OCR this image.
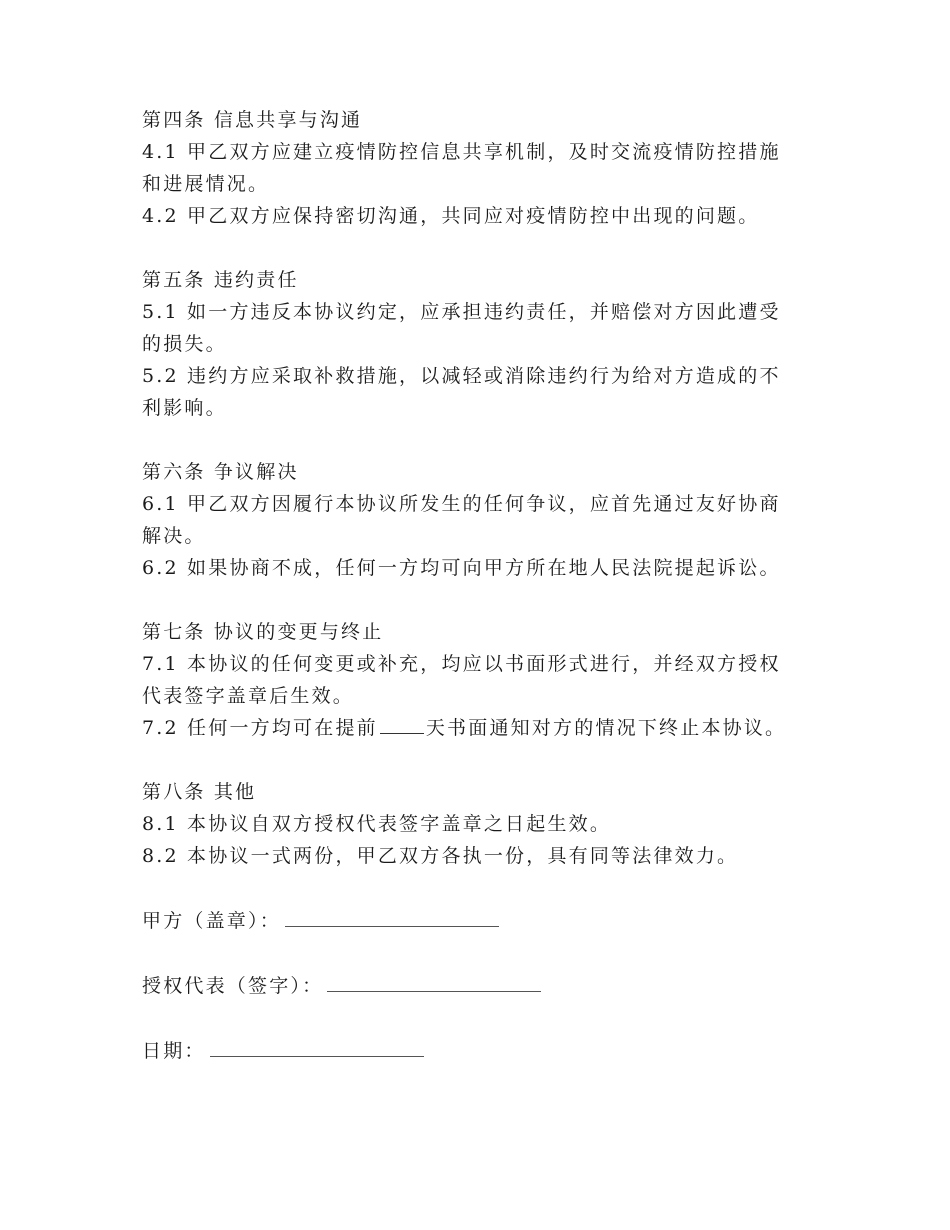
第四条 信息共享与沟通
4.1 甲乙双方应建立疫情防控信息共享机制，及时交流疫情防控措施
和进展情况。
4.2 甲乙双方应保持密切沟通，共同应对疫情防控中出现的问题。
第五条 违约责任
5.1 如一方违反本协议约定，应承担违约责任，并赔偿对方因此遭受
的损失。
5.2 违约方应采取补救措施，以减轻或消除违约行为给对方造成的不
利影响。
第六条 争议解决
6.1 甲乙双方因履行本协议所发生的任何争议，应首先通过友好协商
解决。
6.2 如果协商不成，任何一方均可向甲方所在地人民法院提起诉讼。
第七条 协议的变更与终止
7.1 本协议的任何变更或补充，均应以书面形式进行，并经双方授权
代表签字盖章后生效。
7.2 任何一方均可在提前	天书面通知对方的情况下终止本协议。
第八条 其他
8.1 本协议自双方授权代表签字盖章之日起生效。
8.2 本协议一式两份，甲乙双方各执一份，具有同等法律效力。
甲方（盖章）：
授权代表（签字）：
日期：
